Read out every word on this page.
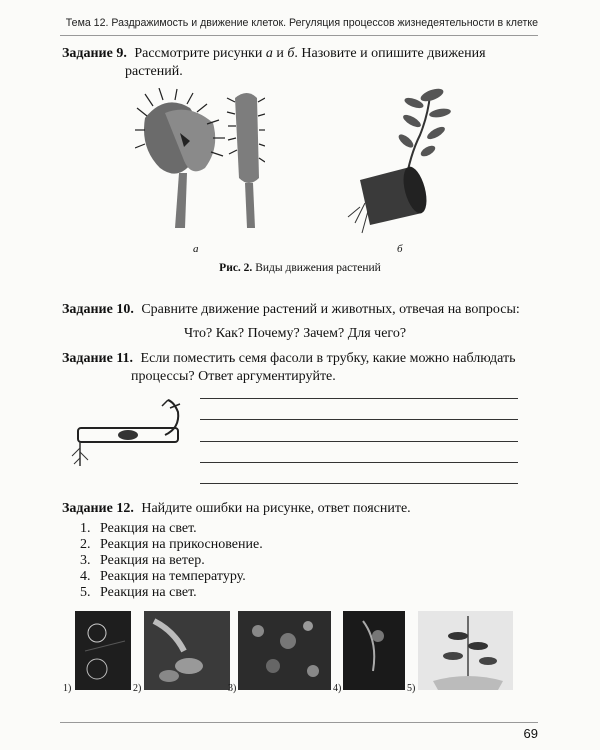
Тема 12. Раздражимость и движение клеток. Регуляция процессов жизнедеятельности в клетке
Задание 9. Рассмотрите рисунки а и б. Назовите и опишите движения
растений.
а	б
Рис. 2. Виды движения растений
Задание 10. Сравните движение растений и животных, отвечая на вопросы:
Что? Как? Почему? Зачем? Для чего?
Задание 11. Если поместить семя фасоли в трубку, какие можно наблюдать
процессы? Ответ аргументируйте.
Задание 12. Найдите ошибки на рисунке, ответ поясните.
1. Реакция на свет.
2. Реакция на прикосновение.
3. Реакция на ветер.
4. Реакция на температуру.
5. Реакция на свет.
1)	2)	3)	4)	5)
69
